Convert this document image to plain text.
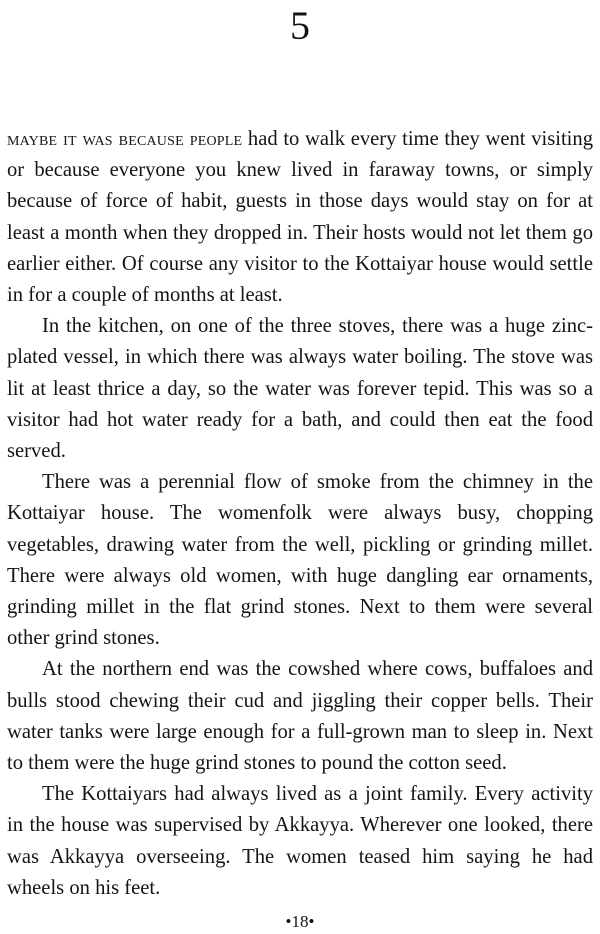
5

maybe it was because people had to walk every time they went visiting or because everyone you knew lived in faraway towns, or simply because of force of habit, guests in those days would stay on for at least a month when they dropped in. Their hosts would not let them go earlier either. Of course any visitor to the Kottaiyar house would settle in for a couple of months at least.

In the kitchen, on one of the three stoves, there was a huge zinc-plated vessel, in which there was always water boiling. The stove was lit at least thrice a day, so the water was forever tepid. This was so a visitor had hot water ready for a bath, and could then eat the food served.

There was a perennial flow of smoke from the chimney in the Kottaiyar house. The womenfolk were always busy, chopping vegetables, drawing water from the well, pickling or grinding millet. There were always old women, with huge dangling ear ornaments, grinding millet in the flat grind stones. Next to them were several other grind stones.

At the northern end was the cowshed where cows, buffaloes and bulls stood chewing their cud and jiggling their copper bells. Their water tanks were large enough for a full-grown man to sleep in. Next to them were the huge grind stones to pound the cotton seed.

The Kottaiyars had always lived as a joint family. Every activity in the house was supervised by Akkayya. Wherever one looked, there was Akkayya overseeing. The women teased him saying he had wheels on his feet.

•18•
